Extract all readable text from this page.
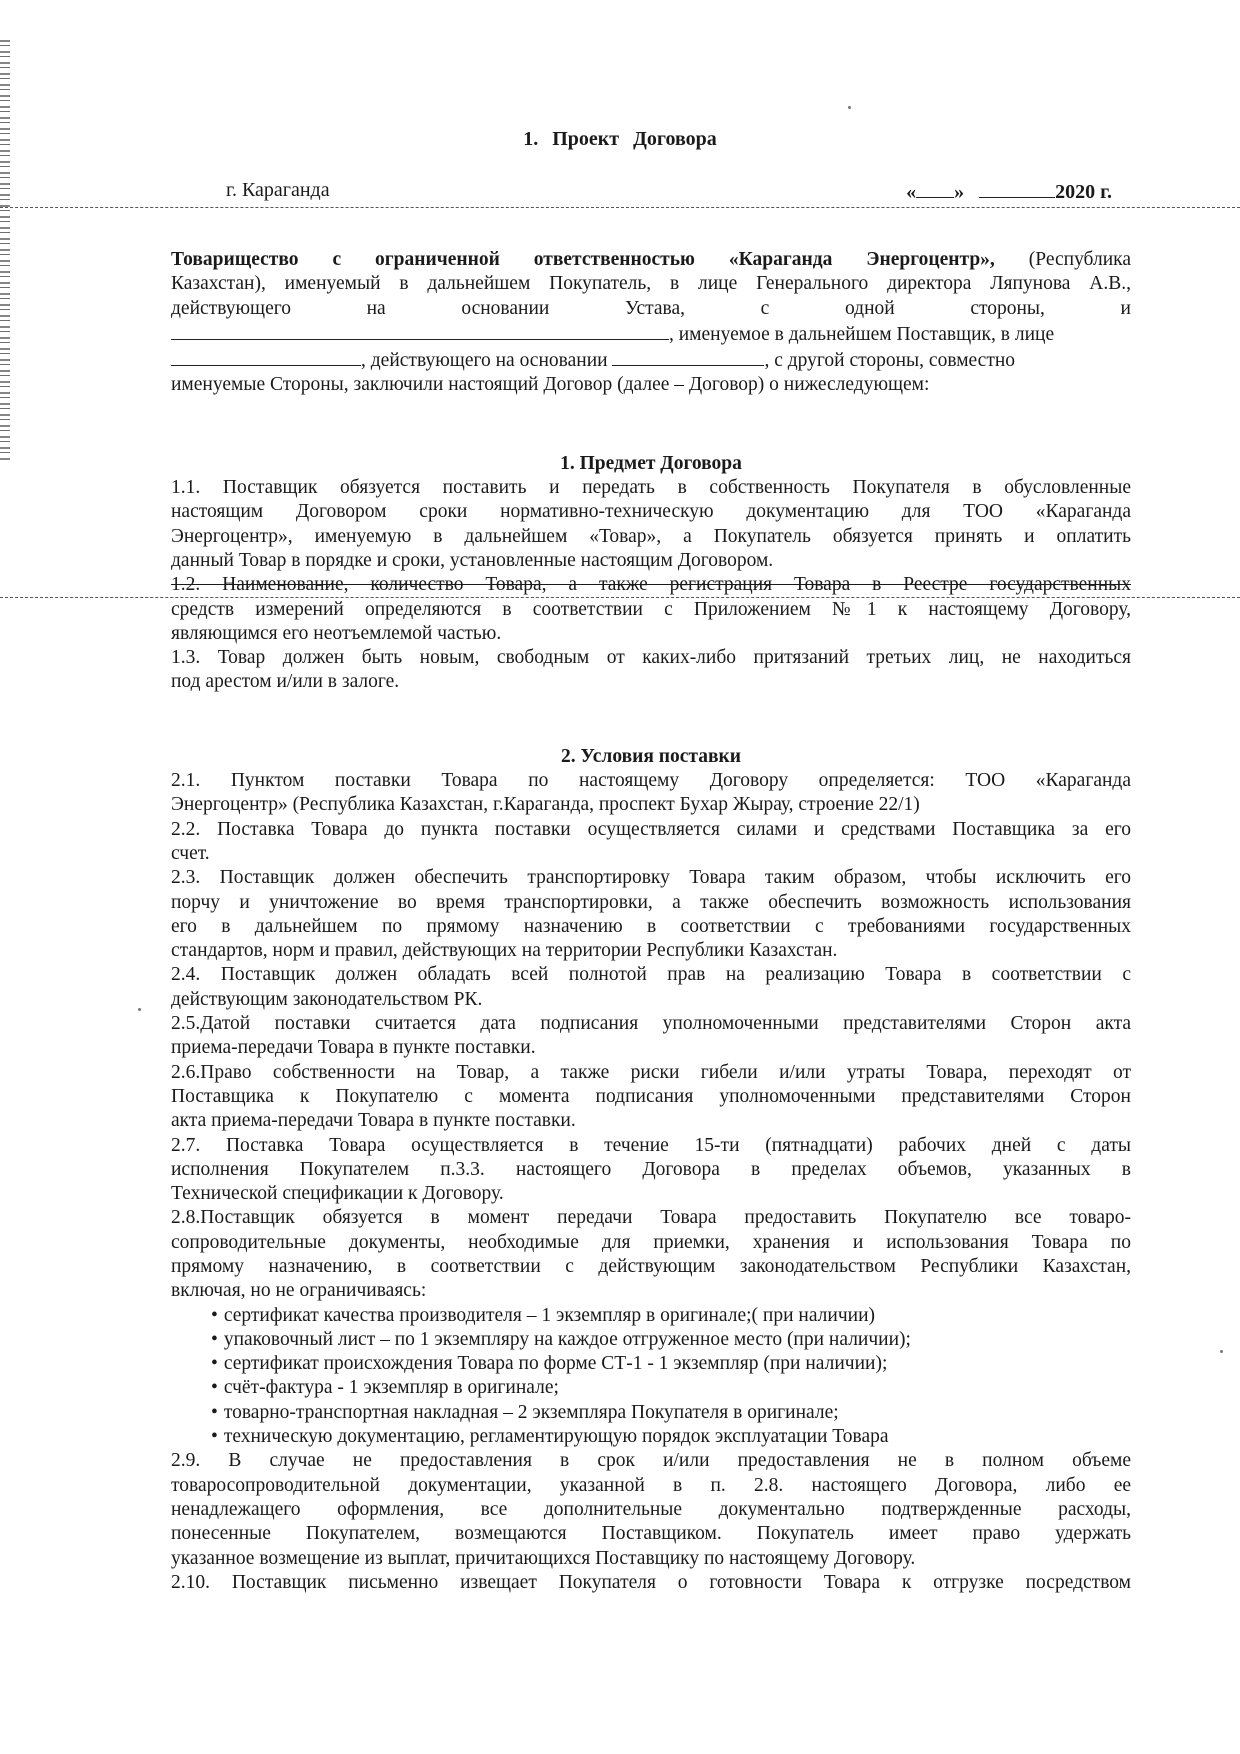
1. Проект Договора
г. Караганда	« »	2020 г.

Товарищество с ограниченной ответственностью «Караганда Энергоцентр», (Республика

Казахстан), именуемый в дальнейшем Покупатель, в лице Генерального директора Ляпунова А.В.,

действующего на основании Устава, с одной стороны, и

, именуемое в дальнейшем Поставщик, в лице

, действующего на основании	, с другой стороны, совместно

именуемые Стороны, заключили настоящий Договор (далее – Договор) о нижеследующем:

1. Предмет Договора

1.1. Поставщик обязуется поставить и передать в собственность Покупателя в обусловленные

настоящим Договором сроки нормативно-техническую документацию для ТОО «Караганда

Энергоцентр», именуемую в дальнейшем «Товар», а Покупатель обязуется принять и оплатить

данный Товар в порядке и сроки, установленные настоящим Договором.

1.2. Наименование, количество Товара, а также регистрация Товара в Реестре государственных

средств измерений определяются в соответствии с Приложением №1 к настоящему Договору,

являющимся его неотъемлемой частью.

1.3. Товар должен быть новым, свободным от каких-либо притязаний третьих лиц, не находиться

под арестом и/или в залоге.

2. Условия поставки

2.1. Пунктом поставки Товара по настоящему Договору определяется: ТОО «Караганда

Энергоцентр» (Республика Казахстан, г.Караганда, проспект Бухар Жырау, строение 22/1)

2.2. Поставка Товара до пункта поставки осуществляется силами и средствами Поставщика за его

счет.

2.3. Поставщик должен обеспечить транспортировку Товара таким образом, чтобы исключить его

порчу и уничтожение во время транспортировки, а также обеспечить возможность использования

его в дальнейшем по прямому назначению в соответствии с требованиями государственных

стандартов, норм и правил, действующих на территории Республики Казахстан.

2.4. Поставщик должен обладать всей полнотой прав на реализацию Товара в соответствии с

действующим законодательством РК.

2.5.Датой поставки считается дата подписания уполномоченными представителями Сторон акта

приема-передачи Товара в пункте поставки.

2.6.Право собственности на Товар, а также риски гибели и/или утраты Товара, переходят от

Поставщика к Покупателю с момента подписания уполномоченными представителями Сторон

акта приема-передачи Товара в пункте поставки.

2.7. Поставка Товара осуществляется в течение 15-ти (пятнадцати) рабочих дней с даты

исполнения Покупателем п.3.3. настоящего Договора в пределах объемов, указанных в

Технической спецификации к Договору.

2.8.Поставщик обязуется в момент передачи Товара предоставить Покупателю все товаро-

сопроводительные документы, необходимые для приемки, хранения и использования Товара по

прямому назначению, в соответствии с действующим законодательством Республики Казахстан,

включая, но не ограничиваясь:

• сертификат качества производителя – 1 экземпляр в оригинале;( при наличии)
• упаковочный лист – по 1 экземпляру на каждое отгруженное место (при наличии);
• сертификат происхождения Товара по форме СТ-1 - 1 экземпляр (при наличии);
• счёт-фактура - 1 экземпляр в оригинале;
• товарно-транспортная накладная – 2 экземпляра Покупателя в оригинале;
• техническую документацию, регламентирующую порядок эксплуатации Товара

2.9. В случае не предоставления в срок и/или предоставления не в полном объеме

товаросопроводительной документации, указанной в п. 2.8. настоящего Договора, либо ее

ненадлежащего оформления, все дополнительные документально подтвержденные расходы,

понесенные Покупателем, возмещаются Поставщиком. Покупатель имеет право удержать

указанное возмещение из выплат, причитающихся Поставщику по настоящему Договору.

2.10. Поставщик письменно извещает Покупателя о готовности Товара к отгрузке посредством
